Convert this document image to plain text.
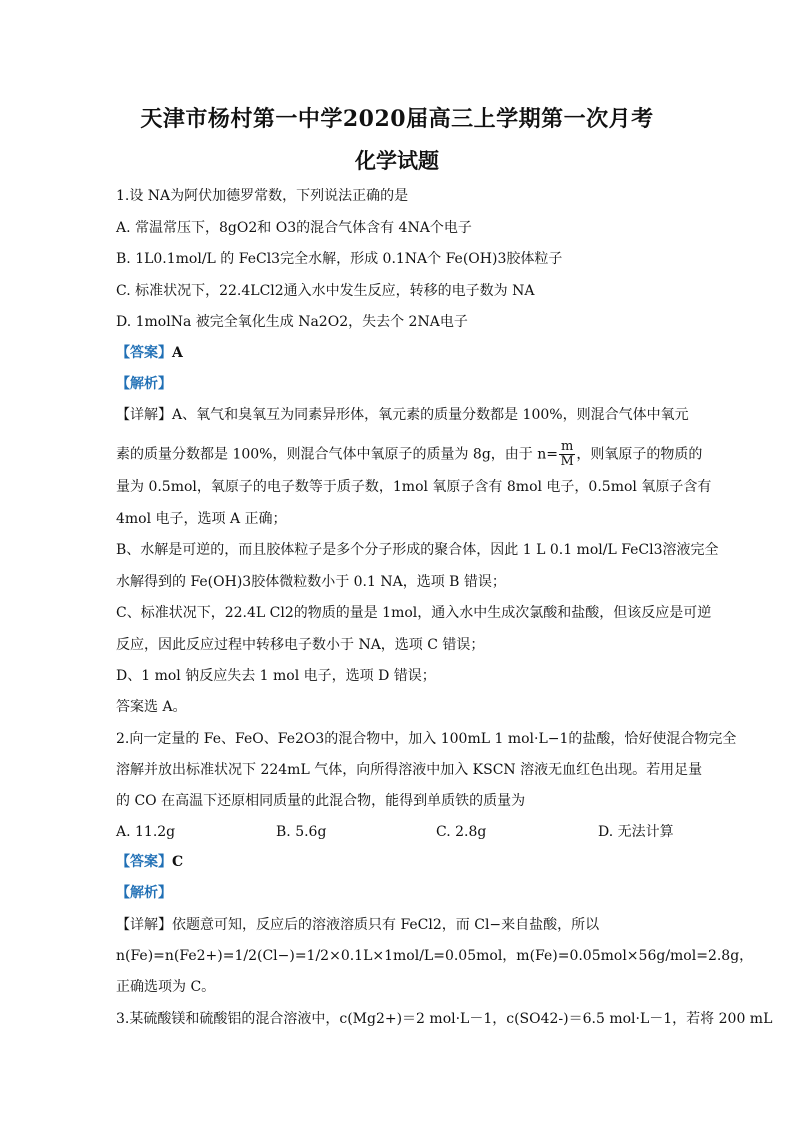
天津市杨村第一中学2020届高三上学期第一次月考
化学试题
1.设 NA为阿伏加德罗常数，下列说法正确的是
A. 常温常压下，8gO2和 O3的混合气体含有 4NA个电子
B. 1L0.1mol/L 的 FeCl3完全水解，形成 0.1NA个 Fe(OH)3胶体粒子
C. 标准状况下，22.4LCl2通入水中发生反应，转移的电子数为 NA
D. 1molNa 被完全氧化生成 Na2O2，失去个 2NA电子
【答案】A
【解析】
【详解】A、氧气和臭氧互为同素异形体，氧元素的质量分数都是 100%，则混合气体中氧元
素的质量分数都是 100%，则混合气体中氧原子的质量为 8g，由于 $n= \frac{m}{M}$ ，则氧原子的物质的
量为 0.5mol，氧原子的电子数等于质子数，1mol 氧原子含有 8mol 电子，0.5mol 氧原子含有
4mol 电子，选项 A 正确；
B、水解是可逆的，而且胶体粒子是多个分子形成的聚合体，因此 1 L 0.1 mol/L FeCl3溶液完全
水解得到的 Fe(OH)3胶体微粒数小于 0.1 NA，选项 B 错误；
C、标准状况下，22.4L Cl2的物质的量是 1mol，通入水中生成次氯酸和盐酸，但该反应是可逆
反应，因此反应过程中转移电子数小于 NA，选项 C 错误；
D、1 mol 钠反应失去 1 mol 电子，选项 D 错误；
答案选 A。
2.向一定量的 Fe、FeO、Fe2O3的混合物中，加入 100mL 1 mol·L−1的盐酸，恰好使混合物完全
溶解并放出标准状况下 224mL 气体，向所得溶液中加入 KSCN 溶液无血红色出现。若用足量
的 CO 在高温下还原相同质量的此混合物，能得到单质铁的质量为
A. 11.2g	B. 5.6g	C. 2.8g	D. 无法计算
【答案】C
【解析】
【详解】依题意可知，反应后的溶液溶质只有 FeCl2，而 Cl−来自盐酸，所以
n(Fe)=n(Fe2+)=1/2(Cl−)=1/2×0.1L×1mol/L=0.05mol，m(Fe)=0.05mol×56g/mol=2.8g，
正确选项为 C。
3.某硫酸镁和硫酸铝的混合溶液中，c(Mg2+)＝2 mol·L－1，c(SO42-)＝6.5 mol·L－1，若将 200 mL
